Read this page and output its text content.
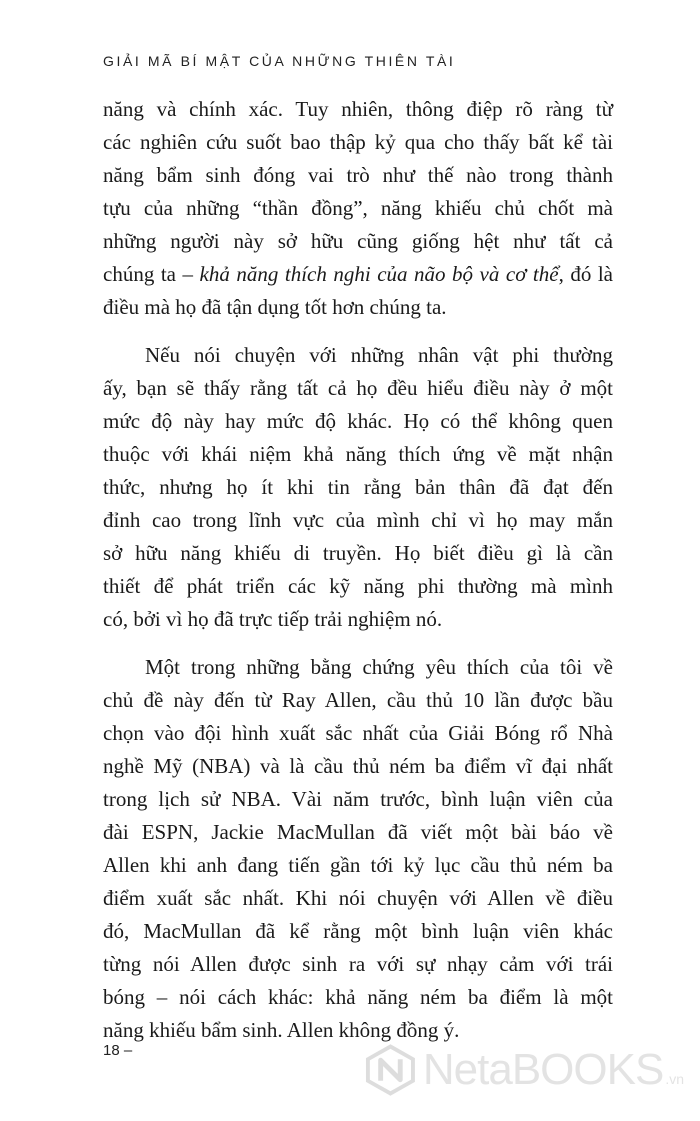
GIẢI MÃ BÍ MẬT CỦA NHỮNG THIÊN TÀI

năng và chính xác. Tuy nhiên, thông điệp rõ ràng từ
các nghiên cứu suốt bao thập kỷ qua cho thấy bất kể tài
năng bẩm sinh đóng vai trò như thế nào trong thành
tựu của những “thần đồng”, năng khiếu chủ chốt mà
những người này sở hữu cũng giống hệt như tất cả
chúng ta – khả năng thích nghi của não bộ và cơ thể, đó là
điều mà họ đã tận dụng tốt hơn chúng ta.

Nếu nói chuyện với những nhân vật phi thường
ấy, bạn sẽ thấy rằng tất cả họ đều hiểu điều này ở một
mức độ này hay mức độ khác. Họ có thể không quen
thuộc với khái niệm khả năng thích ứng về mặt nhận
thức, nhưng họ ít khi tin rằng bản thân đã đạt đến
đỉnh cao trong lĩnh vực của mình chỉ vì họ may mắn
sở hữu năng khiếu di truyền. Họ biết điều gì là cần
thiết để phát triển các kỹ năng phi thường mà mình
có, bởi vì họ đã trực tiếp trải nghiệm nó.

Một trong những bằng chứng yêu thích của tôi về
chủ đề này đến từ Ray Allen, cầu thủ 10 lần được bầu
chọn vào đội hình xuất sắc nhất của Giải Bóng rổ Nhà
nghề Mỹ (NBA) và là cầu thủ ném ba điểm vĩ đại nhất
trong lịch sử NBA. Vài năm trước, bình luận viên của
đài ESPN, Jackie MacMullan đã viết một bài báo về
Allen khi anh đang tiến gần tới kỷ lục cầu thủ ném ba
điểm xuất sắc nhất. Khi nói chuyện với Allen về điều
đó, MacMullan đã kể rằng một bình luận viên khác
từng nói Allen được sinh ra với sự nhạy cảm với trái
bóng – nói cách khác: khả năng ném ba điểm là một
năng khiếu bẩm sinh. Allen không đồng ý.

18 –	NetaBOOKS .vn
